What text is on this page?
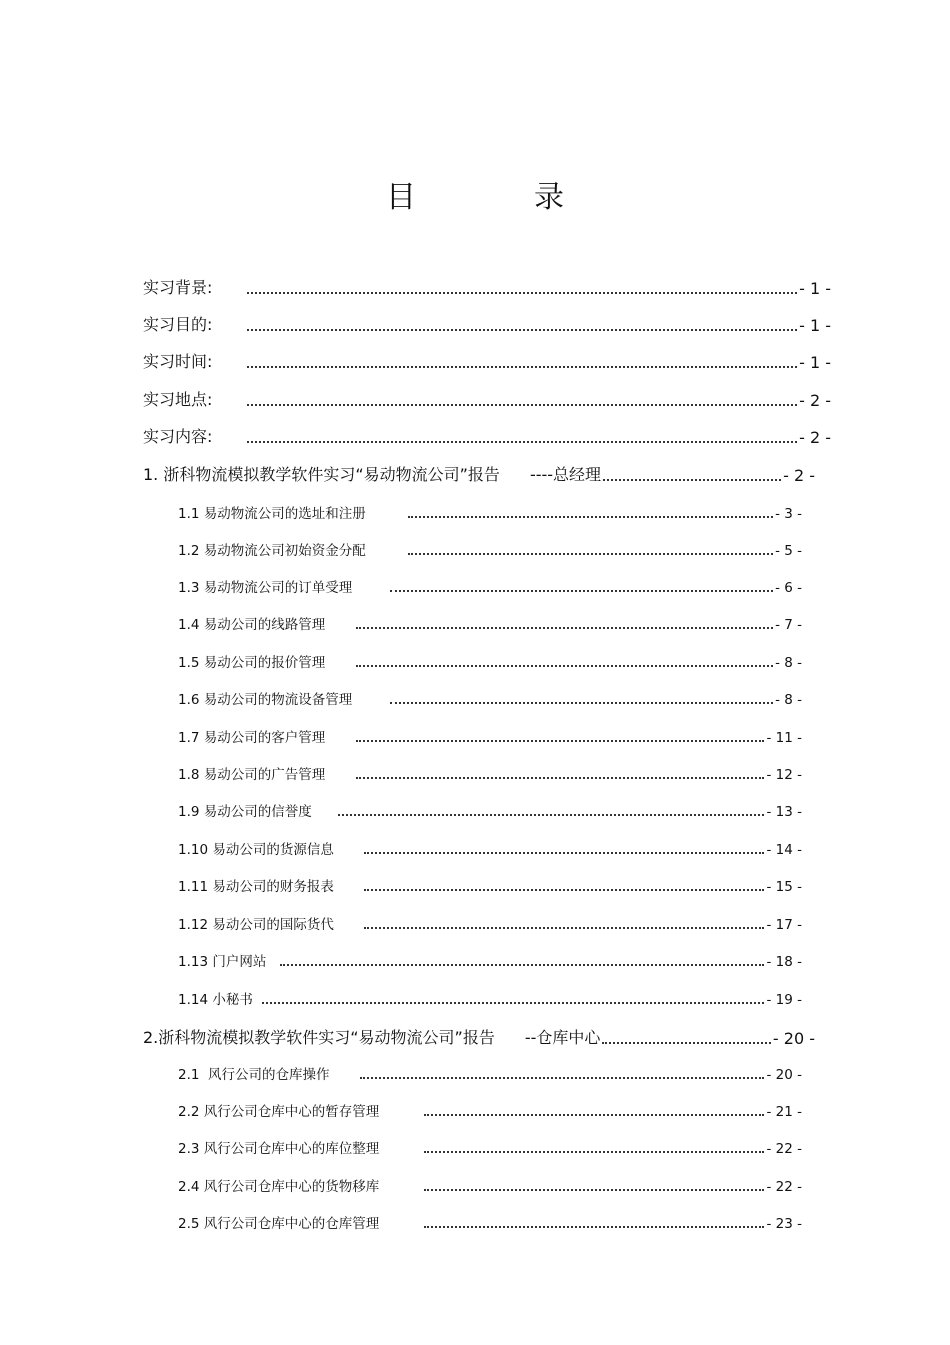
目　录
实习背景:	- 1 -
实习目的:	- 1 -
实习时间:	- 1 -
实习地点:	- 2 -
实习内容:	- 2 -
1. 浙科物流模拟教学软件实习“易动物流公司”报告 ----总经理	- 2 -
1.1 易动物流公司的选址和注册	- 3 -
1.2 易动物流公司初始资金分配	- 5 -
1.3 易动物流公司的订单受理	- 6 -
1.4 易动公司的线路管理	- 7 -
1.5 易动公司的报价管理	- 8 -
1.6 易动公司的物流设备管理	- 8 -
1.7 易动公司的客户管理	- 11 -
1.8 易动公司的广告管理	- 12 -
1.9 易动公司的信誉度	- 13 -
1.10 易动公司的货源信息	- 14 -
1.11 易动公司的财务报表	- 15 -
1.12 易动公司的国际货代	- 17 -
1.13 门户网站	- 18 -
1.14 小秘书	- 19 -
2.浙科物流模拟教学软件实习“易动物流公司”报告 --仓库中心	- 20 -
2.1  风行公司的仓库操作	- 20 -
2.2 风行公司仓库中心的暂存管理	- 21 -
2.3 风行公司仓库中心的库位整理	- 22 -
2.4 风行公司仓库中心的货物移库	- 22 -
2.5 风行公司仓库中心的仓库管理	- 23 -
